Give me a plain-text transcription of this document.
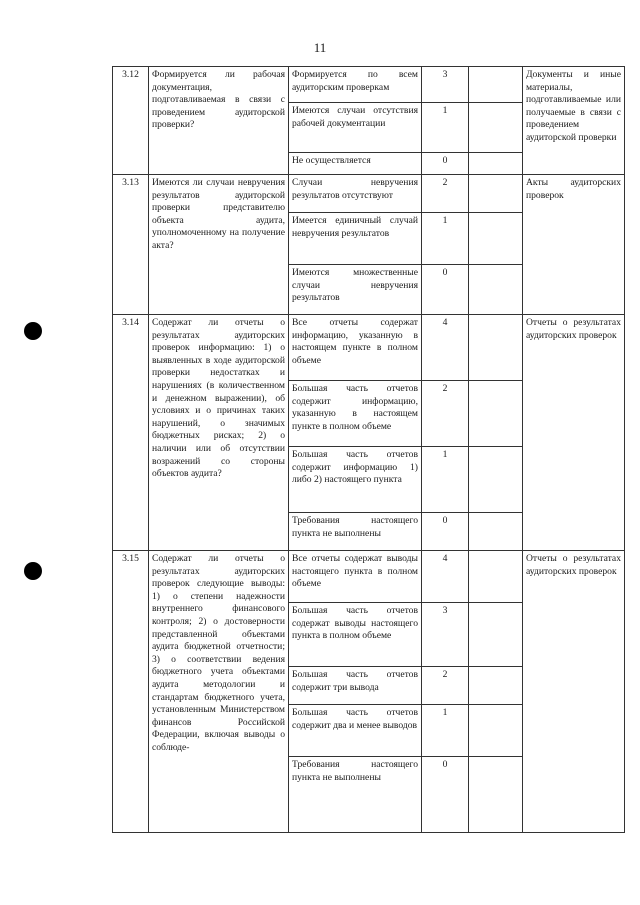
11
3.12	Формируется ли рабочая документация, подготавливаемая в связи с проведением аудиторской проверки?	Формируется по всем аудиторским проверкам	3		Документы и иные материалы, подготавливаемые или получаемые в связи с проведением аудиторской проверки
		Имеются случаи отсутствия рабочей документации	1		
		Не осуществляется	0		
3.13	Имеются ли случаи невручения результатов аудиторской проверки представителю объекта аудита, уполномоченному на получение акта?	Случаи невручения результатов отсутствуют	2		Акты аудиторских проверок
		Имеется единичный случай невручения результатов	1		
		Имеются множественные случаи невручения результатов	0		
3.14	Содержат ли отчеты о результатах аудиторских проверок информацию: 1) о выявленных в ходе аудиторской проверки недостатках и нарушениях (в количественном и денежном выражении), об условиях и о причинах таких нарушений, о значимых бюджетных рисках; 2) о наличии или об отсутствии возражений со стороны объектов аудита?	Все отчеты содержат информацию, указанную в настоящем пункте в полном объеме	4		Отчеты о результатах аудиторских проверок
		Большая часть отчетов содержит информацию, указанную в настоящем пункте в полном объеме	2		
		Большая часть отчетов содержит информацию 1) либо 2) настоящего пункта	1		
		Требования настоящего пункта не выполнены	0		
3.15	Содержат ли отчеты о результатах аудиторских проверок следующие выводы: 1) о степени надежности внутреннего финансового контроля; 2) о достоверности представленной объектами аудита бюджетной отчетности; 3) о соответствии ведения бюджетного учета объектами аудита методологии и стандартам бюджетного учета, установленным Министерством финансов Российской Федерации, включая выводы о соблюде-	Все отчеты содержат выводы настоящего пункта в полном объеме	4		Отчеты о результатах аудиторских проверок
		Большая часть отчетов содержат выводы настоящего пункта в полном объеме	3		
		Большая часть отчетов содержит три вывода	2		
		Большая часть отчетов содержит два и менее выводов	1		
		Требования настоящего пункта не выполнены	0		
